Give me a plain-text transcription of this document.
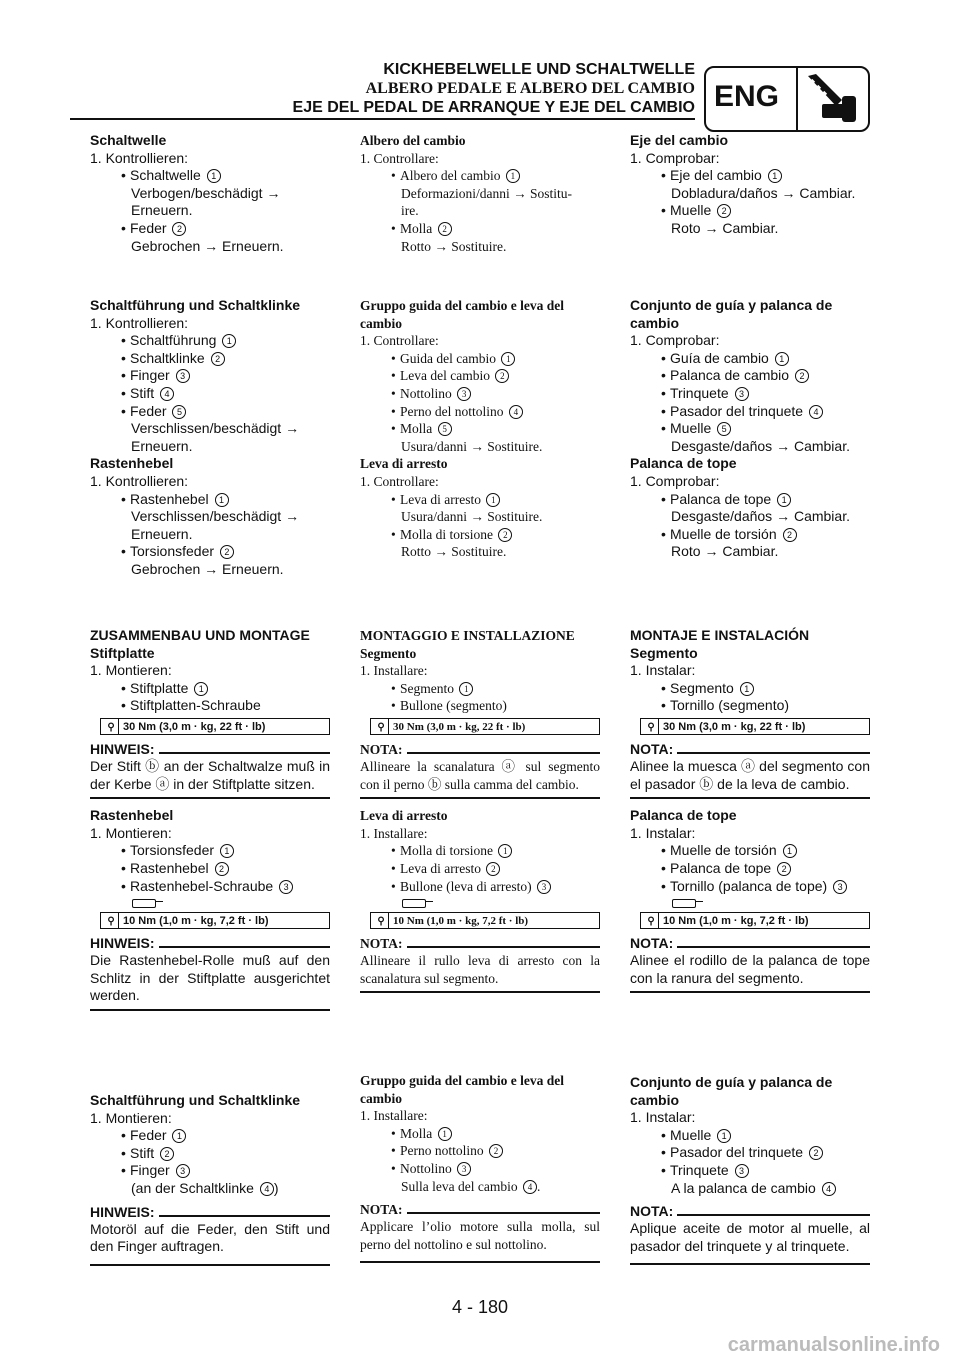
KICKHEBELWELLE UND SCHALTWELLE
ALBERO PEDALE E ALBERO DEL CAMBIO
EJE DEL PEDAL DE ARRANQUE Y EJE DEL CAMBIO ENG

Schaltwelle

1. Kontrollieren:

• Schaltwelle 1

Verbogen/beschädigt →

Erneuern.

• Feder 2

Gebrochen → Erneuern.

Schaltführung und Schaltklinke

1. Kontrollieren:

• Schaltführung 1

• Schaltklinke 2

• Finger 3

• Stift 4

• Feder 5

Verschlissen/beschädigt →

Erneuern.

Rastenhebel

1. Kontrollieren:

• Rastenhebel 1

Verschlissen/beschädigt →

Erneuern.

• Torsionsfeder 2

Gebrochen → Erneuern.

ZUSAMMENBAU UND MONTAGE

Stiftplatte

1. Montieren:

• Stiftplatte 1

• Stiftplatten-Schraube

⚲ 30 Nm (3,0 m · kg, 22 ft · lb)
HINWEIS:

Der Stift ⓑ an der Schaltwalze muß in der Kerbe ⓐ in der Stiftplatte sitzen.

Rastenhebel

1. Montieren:

• Torsionsfeder 1

• Rastenhebel 2

• Rastenhebel-Schraube 3

⚲ 10 Nm (1,0 m · kg, 7,2 ft · lb)
HINWEIS:

Die Rastenhebel-Rolle muß auf den Schlitz in der Stiftplatte ausgerichtet werden.

Schaltführung und Schaltklinke

1. Montieren:

• Feder 1

• Stift 2

• Finger 3

(an der Schaltklinke 4 )

HINWEIS:

Motoröl auf die Feder, den Stift und den Finger auftragen.

Albero del cambio

1. Controllare:

• Albero del cambio 1

Deformazioni/danni → Sostitu-

ire.

• Molla 2

Rotto → Sostituire.

Gruppo guida del cambio e leva del cambio

1. Controllare:

• Guida del cambio 1

• Leva del cambio 2

• Nottolino 3

• Perno del nottolino 4

• Molla 5

Usura/danni → Sostituire.

Leva di arresto

1. Controllare:

• Leva di arresto 1

Usura/danni → Sostituire.

• Molla di torsione 2

Rotto → Sostituire.

MONTAGGIO E INSTALLAZIONE

Segmento

1. Installare:

• Segmento 1

• Bullone (segmento)

⚲ 30 Nm (3,0 m · kg, 22 ft · lb)
NOTA:

Allineare la scanalatura ⓐ sul segmento con il perno ⓑ sulla camma del cambio.

Leva di arresto

1. Installare:

• Molla di torsione 1

• Leva di arresto 2

• Bullone (leva di arresto) 3

⚲ 10 Nm (1,0 m · kg, 7,2 ft · lb)
NOTA:

Allineare il rullo leva di arresto con la scanalatura sul segmento.

Gruppo guida del cambio e leva del cambio

1. Installare:

• Molla 1

• Perno nottolino 2

• Nottolino 3

Sulla leva del cambio 4 .

NOTA:

Applicare l’olio motore sulla molla, sul perno del nottolino e sul nottolino.

Eje del cambio

1. Comprobar:

• Eje del cambio 1

Dobladura/daños → Cambiar.

• Muelle 2

Roto → Cambiar.

Conjunto de guía y palanca de cambio

1. Comprobar:

• Guía de cambio 1

• Palanca de cambio 2

• Trinquete 3

• Pasador del trinquete 4

• Muelle 5

Desgaste/daños → Cambiar.

Palanca de tope

1. Comprobar:

• Palanca de tope 1

Desgaste/daños → Cambiar.

• Muelle de torsión 2

Roto → Cambiar.

MONTAJE E INSTALACIÓN

Segmento

1. Instalar:

• Segmento 1

• Tornillo (segmento)

⚲ 30 Nm (3,0 m · kg, 22 ft · lb)
NOTA:

Alinee la muesca ⓐ del segmento con el pasador ⓑ de la leva de cambio.

Palanca de tope

1. Instalar:

• Muelle de torsión 1

• Palanca de tope 2

• Tornillo (palanca de tope) 3

⚲ 10 Nm (1,0 m · kg, 7,2 ft · lb)
NOTA:

Alinee el rodillo de la palanca de tope con la ranura del segmento.

Conjunto de guía y palanca de cambio

1. Instalar:

• Muelle 1

• Pasador del trinquete 2

• Trinquete 3

A la palanca de cambio 4

NOTA:

Aplique aceite de motor al muelle, al pasador del trinquete y al trinquete.

4 - 180
carmanualsonline.info
